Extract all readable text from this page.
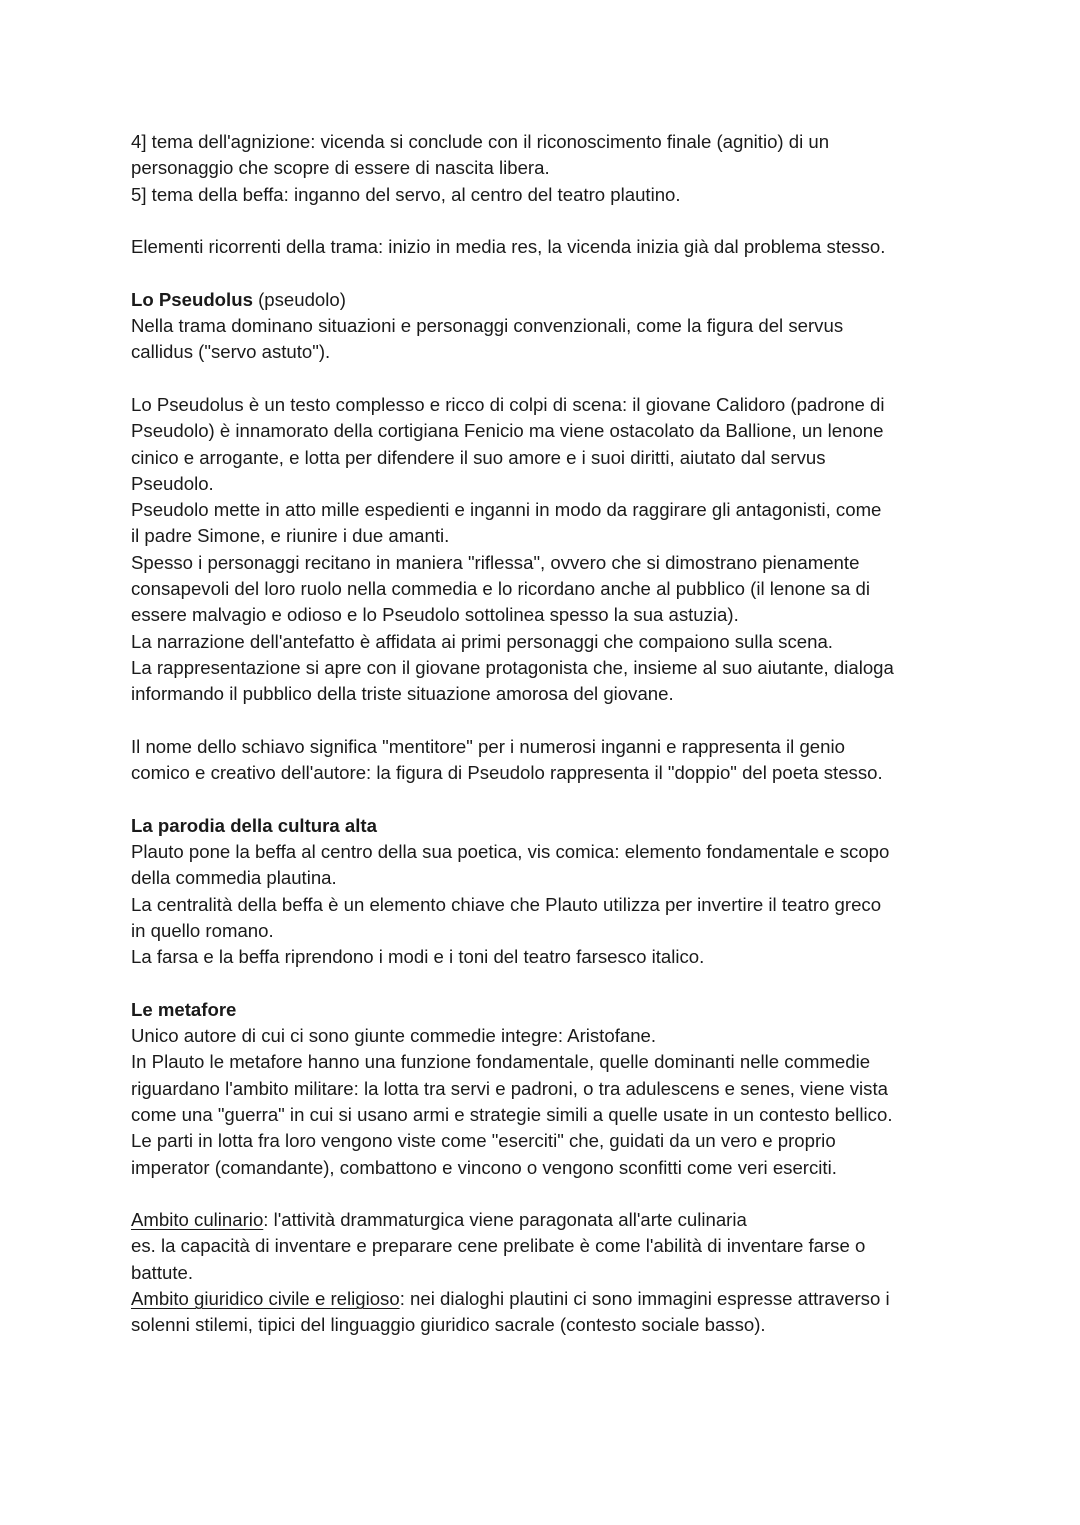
4] tema dell'agnizione: vicenda si conclude con il riconoscimento finale (agnitio) di un
personaggio che scopre di essere di nascita libera.
5] tema della beffa: inganno del servo, al centro del teatro plautino.
Elementi ricorrenti della trama: inizio in media res, la vicenda inizia già dal problema stesso.
Lo Pseudolus (pseudolo)
Nella trama dominano situazioni e personaggi convenzionali, come la figura del servus
callidus ("servo astuto").
Lo Pseudolus è un testo complesso e ricco di colpi di scena: il giovane Calidoro (padrone di
Pseudolo) è innamorato della cortigiana Fenicio ma viene ostacolato da Ballione, un lenone
cinico e arrogante, e lotta per difendere il suo amore e i suoi diritti, aiutato dal servus
Pseudolo.
Pseudolo mette in atto mille espedienti e inganni in modo da raggirare gli antagonisti, come
il padre Simone, e riunire i due amanti.
Spesso i personaggi recitano in maniera "riflessa", ovvero che si dimostrano pienamente
consapevoli del loro ruolo nella commedia e lo ricordano anche al pubblico (il lenone sa di
essere malvagio e odioso e lo Pseudolo sottolinea spesso la sua astuzia).
La narrazione dell'antefatto è affidata ai primi personaggi che compaiono sulla scena.
La rappresentazione si apre con il giovane protagonista che, insieme al suo aiutante, dialoga
informando il pubblico della triste situazione amorosa del giovane.
Il nome dello schiavo significa "mentitore" per i numerosi inganni e rappresenta il genio
comico e creativo dell'autore: la figura di Pseudolo rappresenta il "doppio" del poeta stesso.
La parodia della cultura alta
Plauto pone la beffa al centro della sua poetica, vis comica: elemento fondamentale e scopo
della commedia plautina.
La centralità della beffa è un elemento chiave che Plauto utilizza per invertire il teatro greco
in quello romano.
La farsa e la beffa riprendono i modi e i toni del teatro farsesco italico.
Le metafore
Unico autore di cui ci sono giunte commedie integre: Aristofane.
In Plauto le metafore hanno una funzione fondamentale, quelle dominanti nelle commedie
riguardano l'ambito militare: la lotta tra servi e padroni, o tra adulescens e senes, viene vista
come una "guerra" in cui si usano armi e strategie simili a quelle usate in un contesto bellico.
Le parti in lotta fra loro vengono viste come "eserciti" che, guidati da un vero e proprio
imperator (comandante), combattono e vincono o vengono sconfitti come veri eserciti.
Ambito culinario: l'attività drammaturgica viene paragonata all'arte culinaria
es. la capacità di inventare e preparare cene prelibate è come l'abilità di inventare farse o
battute.
Ambito giuridico civile e religioso: nei dialoghi plautini ci sono immagini espresse attraverso i
solenni stilemi, tipici del linguaggio giuridico sacrale (contesto sociale basso).
